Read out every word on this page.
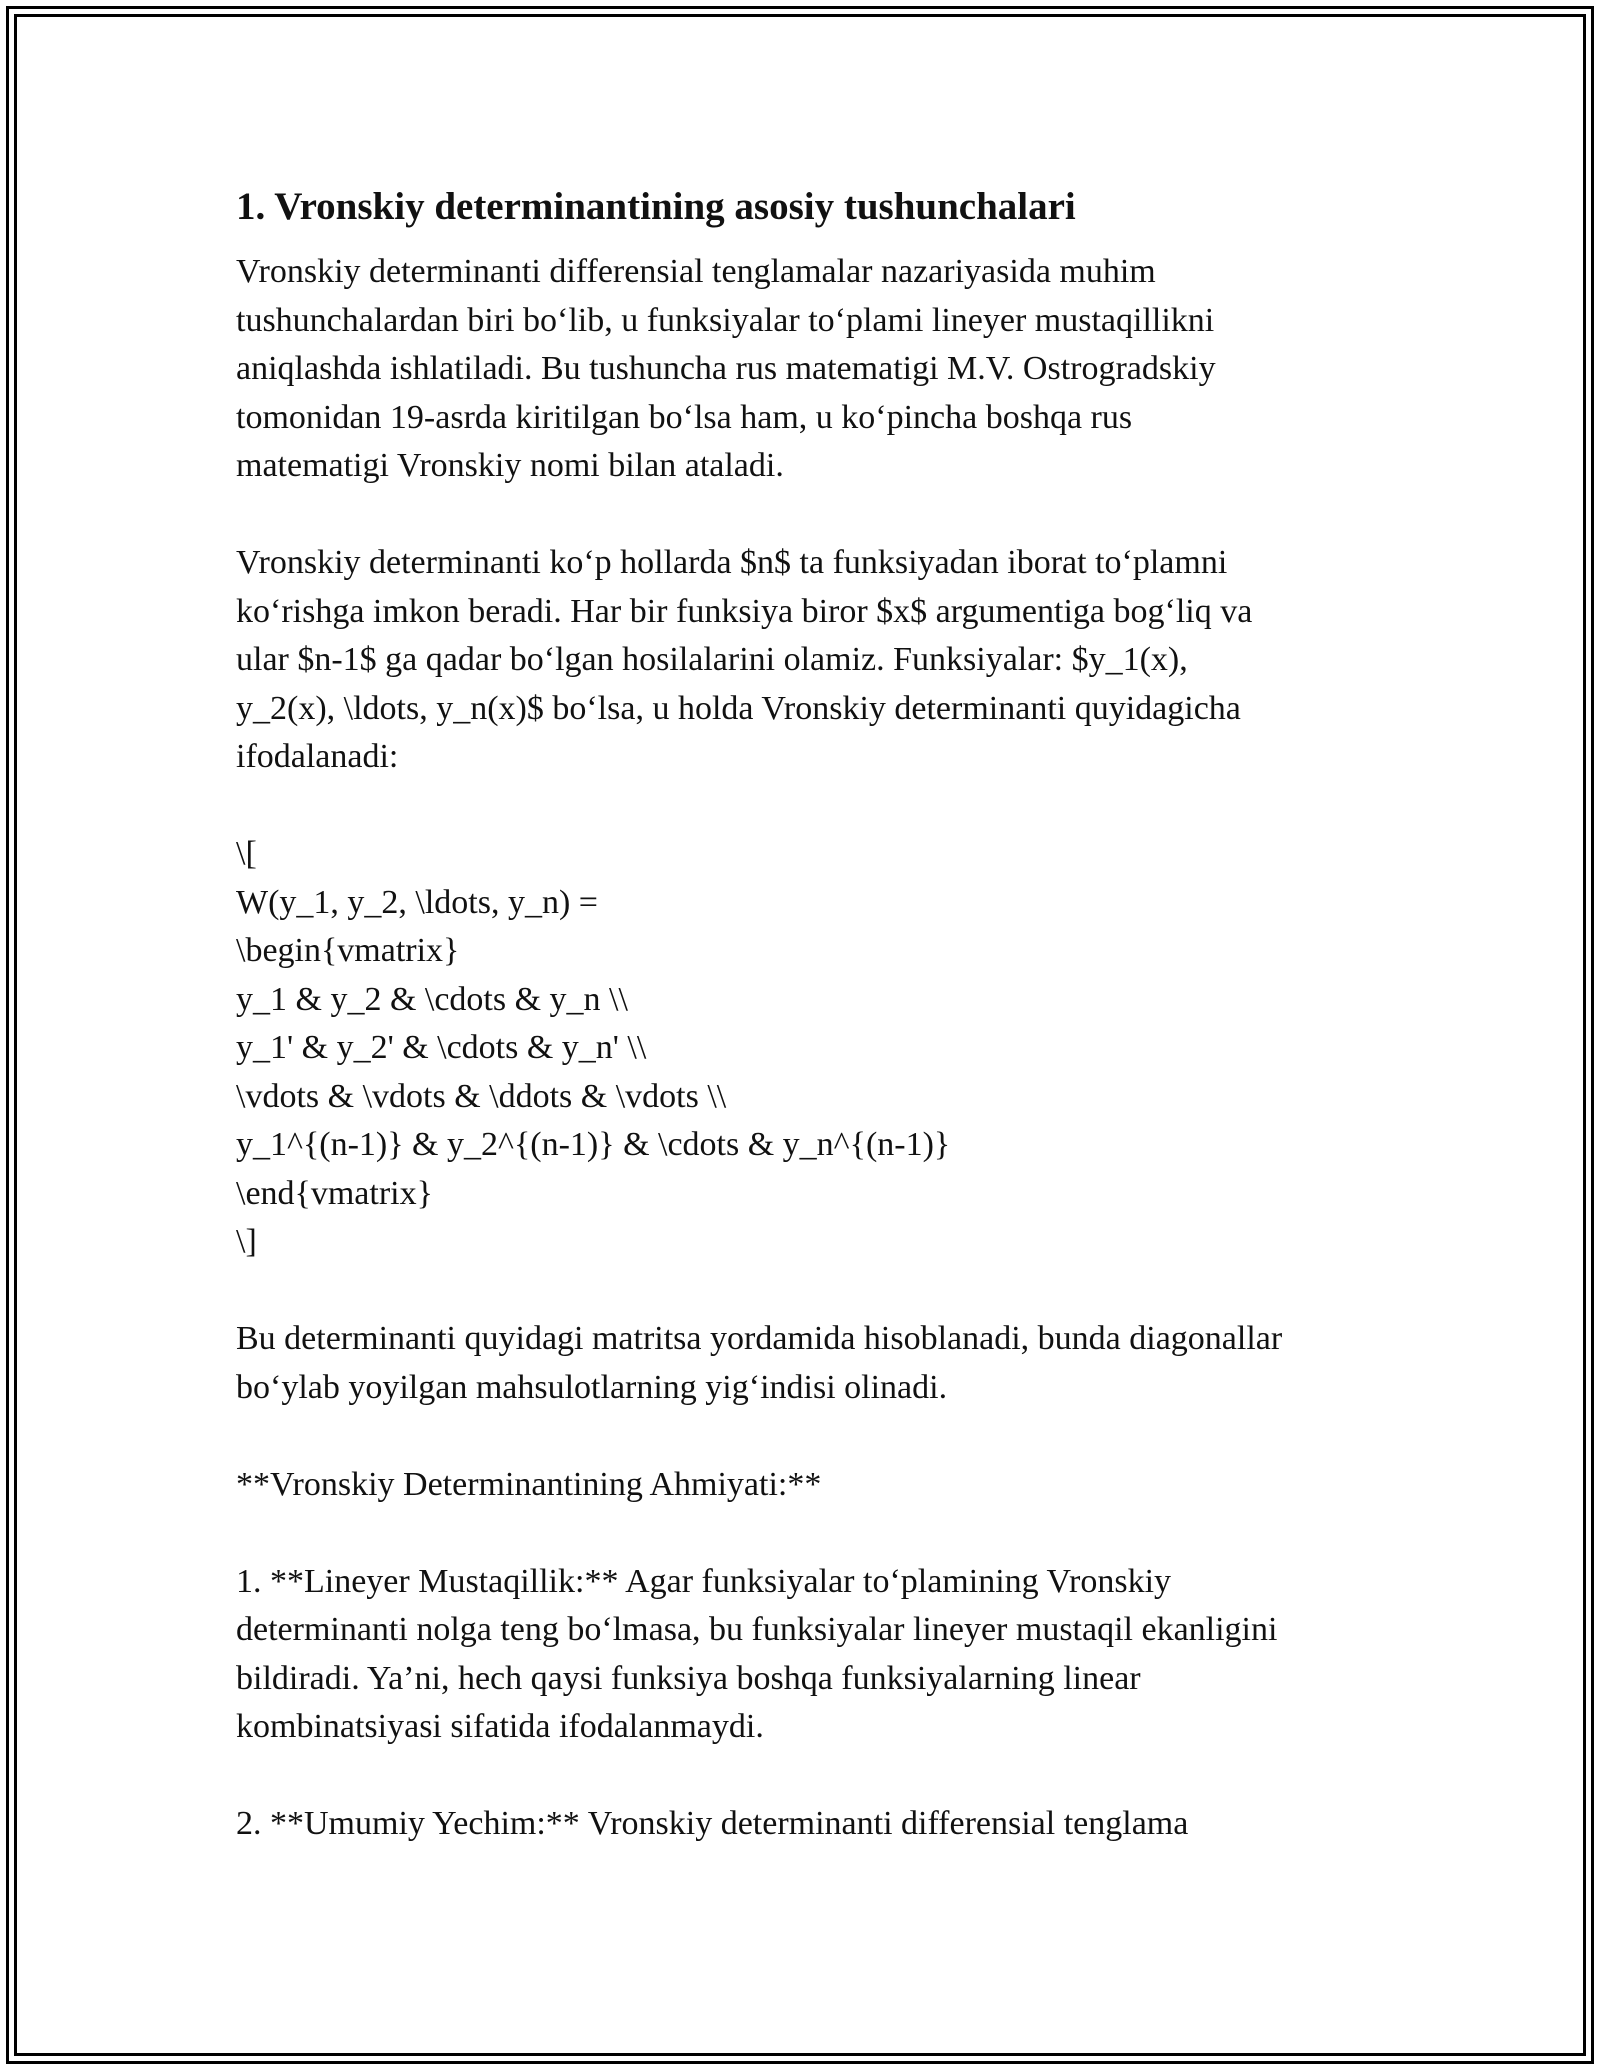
1. Vronskiy determinantining asosiy tushunchalari

Vronskiy determinanti differensial tenglamalar nazariyasida muhim
tushunchalardan biri bo‘lib, u funksiyalar to‘plami lineyer mustaqillikni
aniqlashda ishlatiladi. Bu tushuncha rus matematigi M.V. Ostrogradskiy
tomonidan 19-asrda kiritilgan bo‘lsa ham, u ko‘pincha boshqa rus
matematigi Vronskiy nomi bilan ataladi.

Vronskiy determinanti ko‘p hollarda $n$ ta funksiyadan iborat to‘plamni
ko‘rishga imkon beradi. Har bir funksiya biror $x$ argumentiga bog‘liq va
ular $n-1$ ga qadar bo‘lgan hosilalarini olamiz. Funksiyalar: $y_1(x),
y_2(x), \ldots, y_n(x)$ bo‘lsa, u holda Vronskiy determinanti quyidagicha
ifodalanadi:

\[

W(y_1, y_2, \ldots, y_n) =

\begin{vmatrix}

y_1 & y_2 & \cdots & y_n \\

y_1' & y_2' & \cdots & y_n' \\

\vdots & \vdots & \ddots & \vdots \\

y_1^{(n-1)} & y_2^{(n-1)} & \cdots & y_n^{(n-1)}

\end{vmatrix}

\]

Bu determinanti quyidagi matritsa yordamida hisoblanadi, bunda diagonallar
bo‘ylab yoyilgan mahsulotlarning yig‘indisi olinadi.

**Vronskiy Determinantining Ahmiyati:**

1. **Lineyer Mustaqillik:** Agar funksiyalar to‘plamining Vronskiy
determinanti nolga teng bo‘lmasa, bu funksiyalar lineyer mustaqil ekanligini
bildiradi. Ya’ni, hech qaysi funksiya boshqa funksiyalarning linear
kombinatsiyasi sifatida ifodalanmaydi.

2. **Umumiy Yechim:** Vronskiy determinanti differensial tenglama
